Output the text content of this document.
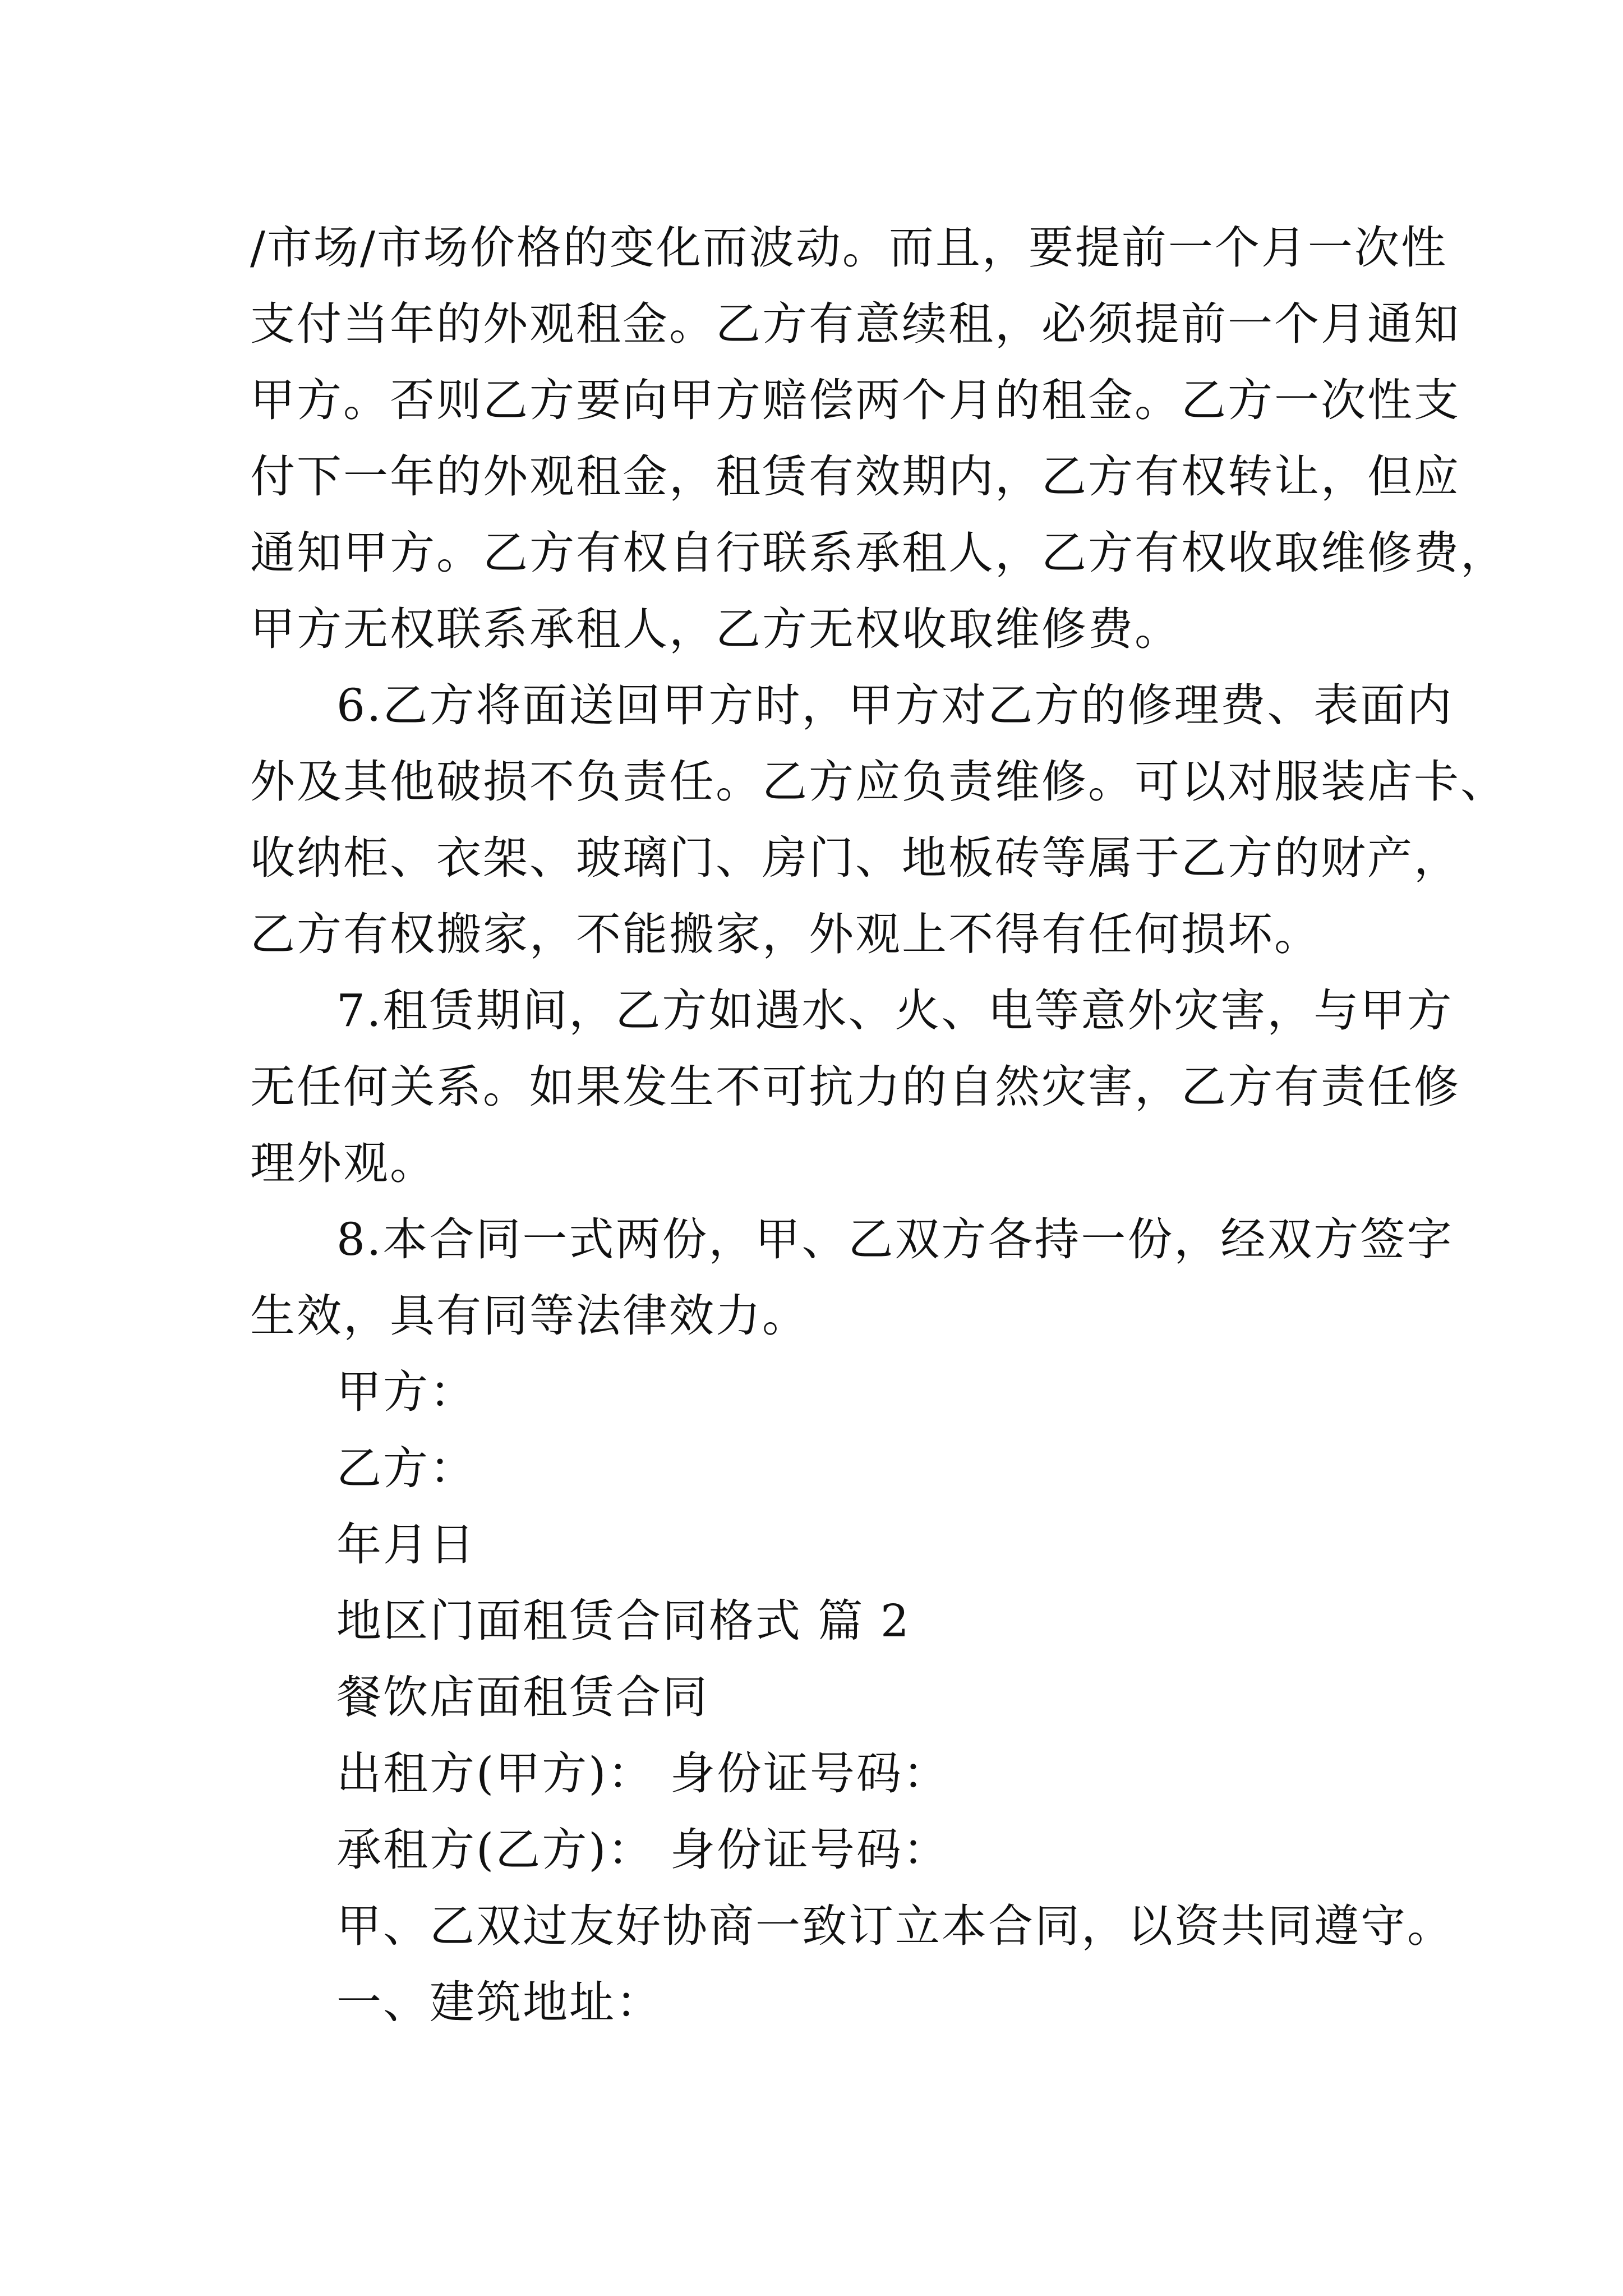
/市场/市场价格的变化而波动。而且，要提前一个月一次性
支付当年的外观租金。乙方有意续租，必须提前一个月通知
甲方。否则乙方要向甲方赔偿两个月的租金。乙方一次性支
付下一年的外观租金，租赁有效期内，乙方有权转让，但应
通知甲方。乙方有权自行联系承租人，乙方有权收取维修费，
甲方无权联系承租人，乙方无权收取维修费。
6.乙方将面送回甲方时，甲方对乙方的修理费、表面内
外及其他破损不负责任。乙方应负责维修。可以对服装店卡、
收纳柜、衣架、玻璃门、房门、地板砖等属于乙方的财产，
乙方有权搬家，不能搬家，外观上不得有任何损坏。
7.租赁期间，乙方如遇水、火、电等意外灾害，与甲方
无任何关系。如果发生不可抗力的自然灾害，乙方有责任修
理外观。
8.本合同一式两份，甲、乙双方各持一份，经双方签字
生效，具有同等法律效力。
甲方：
乙方：
年月日
地区门面租赁合同格式 篇 2
餐饮店面租赁合同
出租方(甲方)： 身份证号码：
承租方(乙方)： 身份证号码：
甲、乙双过友好协商一致订立本合同，以资共同遵守。
一、建筑地址：
